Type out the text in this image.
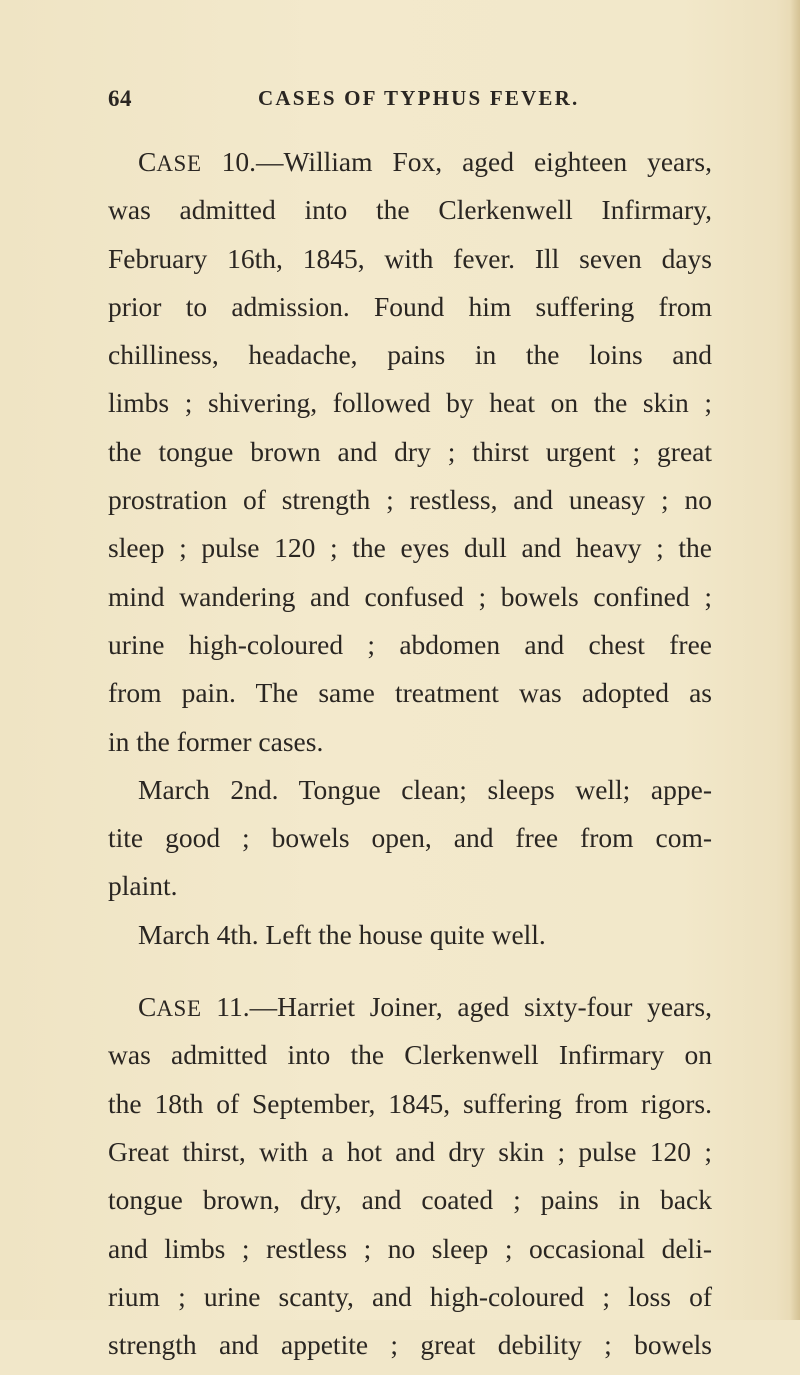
64	CASES OF TYPHUS FEVER.
CASE 10.—William Fox, aged eighteen years,
was admitted into the Clerkenwell Infirmary,
February 16th, 1845, with fever. Ill seven days
prior to admission. Found him suffering from
chilliness, headache, pains in the loins and
limbs ; shivering, followed by heat on the skin ;
the tongue brown and dry ; thirst urgent ; great
prostration of strength ; restless, and uneasy ; no
sleep ; pulse 120 ; the eyes dull and heavy ; the
mind wandering and confused ; bowels confined ;
urine high-coloured ; abdomen and chest free
from pain. The same treatment was adopted as
in the former cases.
March 2nd. Tongue clean; sleeps well; appe-
tite good ; bowels open, and free from com-
plaint.
March 4th. Left the house quite well.
CASE 11.—Harriet Joiner, aged sixty-four years,
was admitted into the Clerkenwell Infirmary on
the 18th of September, 1845, suffering from rigors.
Great thirst, with a hot and dry skin ; pulse 120 ;
tongue brown, dry, and coated ; pains in back
and limbs ; restless ; no sleep ; occasional deli-
rium ; urine scanty, and high-coloured ; loss of
strength and appetite ; great debility ; bowels
